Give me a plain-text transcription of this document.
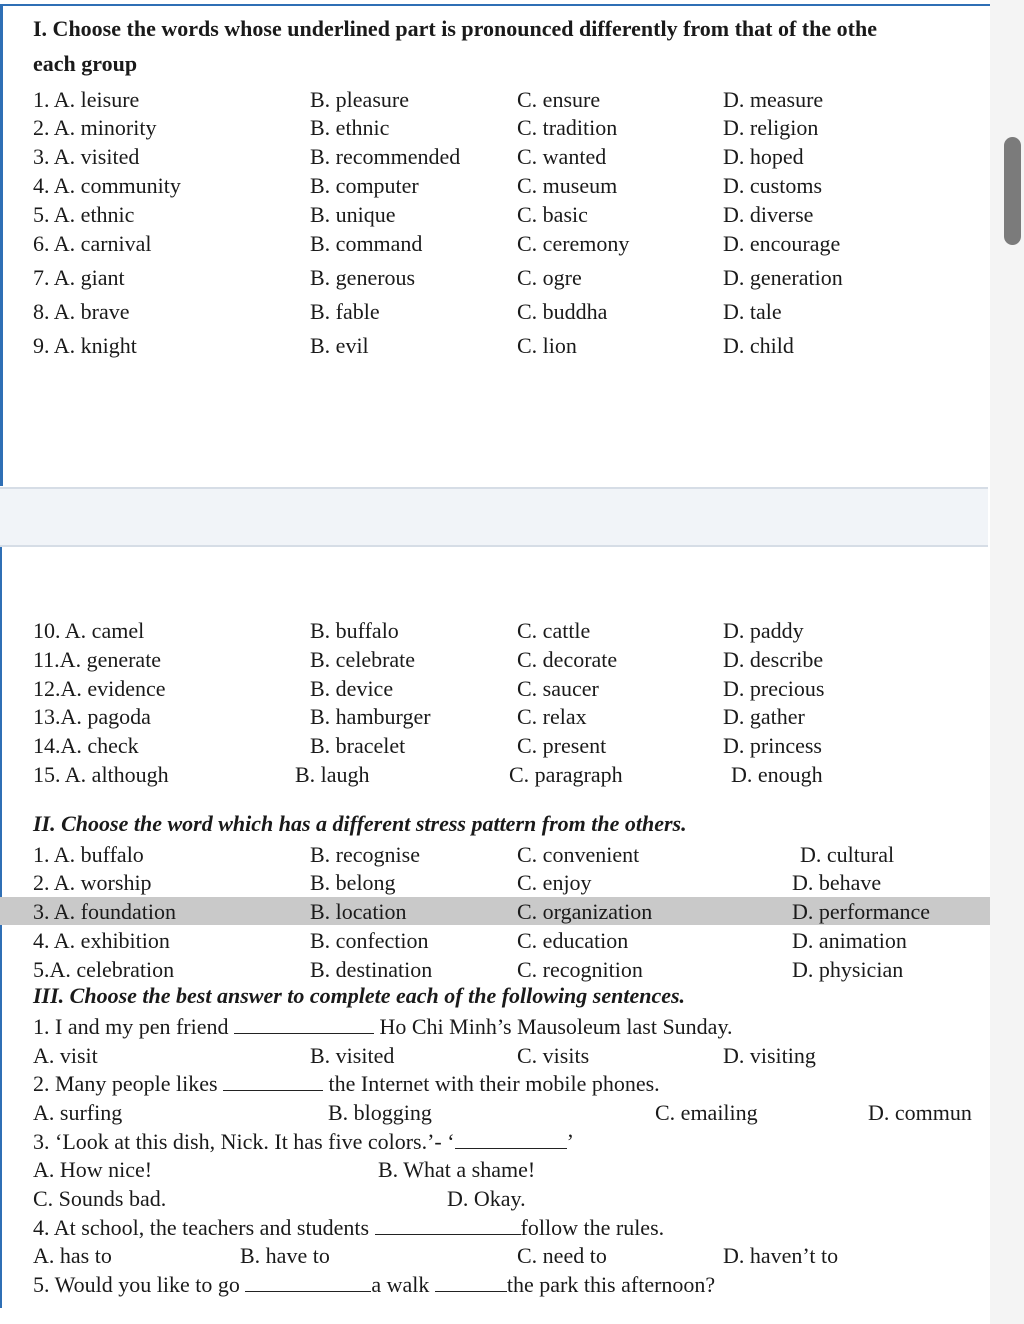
I. Choose the words whose underlined part is pronounced differently from that of the othe
each group
1. A. leisure	B. pleasure	C. ensure	D. measure
2. A. minority	B. ethnic	C. tradition	D. religion
3. A. visited	B. recommended	C. wanted	D. hoped
4. A. community	B. computer	C. museum	D. customs
5. A. ethnic	B. unique	C. basic	D. diverse
6. A. carnival	B. command	C. ceremony	D. encourage
7. A. giant	B. generous	C. ogre	D. generation
8. A. brave	B. fable	C. buddha	D. tale
9. A. knight	B. evil	C. lion	D. child
10. A. camel	B. buffalo	C. cattle	D. paddy
11.A. generate	B. celebrate	C. decorate	D. describe
12.A. evidence	B. device	C. saucer	D. precious
13.A. pagoda	B. hamburger	C. relax	D. gather
14.A. check	B. bracelet	C. present	D. princess
15. A. although	B. laugh	C. paragraph	D. enough
1. A. buffalo	B. recognise	C. convenient	D. cultural
2. A. worship	B. belong	C. enjoy	D. behave
3. A. foundation	B. location	C. organization	D. performance
4. A. exhibition	B. confection	C. education	D. animation
5.A. celebration	B. destination	C. recognition	D. physician
II. Choose the word which has a different stress pattern from the others.
III. Choose the best answer to complete each of the following sentences.
1. I and my pen friend	Ho Chi Minh’s Mausoleum last Sunday.
A. visit	B. visited	C. visits	D. visiting
2. Many people likes	the Internet with their mobile phones.
A. surfing	B. blogging	C. emailing	D. commun
3. ‘Look at this dish, Nick. It has five colors.’- ‘	’
A. How nice!	B. What a shame!
C. Sounds bad.	D. Okay.
4. At school, the teachers and students	follow the rules.
A. has to	B. have to	C. need to	D. haven’t to
5. Would you like to go	a walk	the park this afternoon?
